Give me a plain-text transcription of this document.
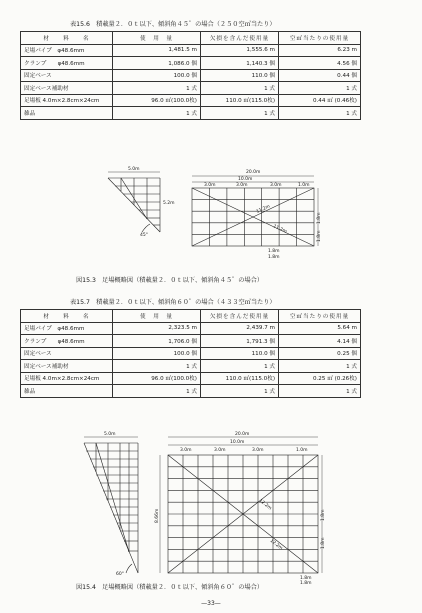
表15.6　積載量２．０ｔ以下、傾斜角４５゜の場合（２５０空㎥当たり）
材　　料　　名	使　用　量	欠損を含んだ使用量	空㎥当たりの使用量
足場パイプ　φ48.6mm	1,481.5 m	1,555.6 m	6.23 m
クランプ　　φ48.6mm	1,086.0 個	1,140.3 個	4.56 個
固定ベース	100.0 個	110.0 個	0.44 個
固定ベース補助材	1 式	1 式	1 式
足場板 4.0m×2.8cm×24cm	96.0 ㎡(100.0枚)	110.0 ㎡(115.0枚)	0.44 ㎡ (0.46枚)
雑品	1 式	1 式	1 式
5.0m
5.2m
45°
20.0m
10.0m
3.0m	3.0m	3.0m	1.0m
11.2m
11.2m
1.8m
1.8m
1.8m
1.8m
図15.3　足場概略図（積載量２．０ｔ以下、傾斜角４５゜の場合）
表15.7　積載量２．０ｔ以下、傾斜角６０゜の場合（４３３空㎥当たり）
材　　料　　名	使　用　量	欠損を含んだ使用量	空㎥当たりの使用量
足場パイプ　φ48.6mm	2,323.5 m	2,439.7 m	5.64 m
クランプ　　φ48.6mm	1,706.0 個	1,791.3 個	4.14 個
固定ベース	100.0 個	110.0 個	0.25 個
固定ベース補助材	1 式	1 式	1 式
足場板 4.0m×2.8cm×24cm	96.0 ㎡(100.0枚)	110.0 ㎡(115.0枚)	0.25 ㎡ (0.26枚)
雑品	1 式	1 式	1 式
5.0m
60°
20.0m
10.0m
3.0m	3.0m	3.0m	1.0m
8.66m
12.2m
12.2m
1.8m
1.8m
1.8m
1.8m
図15.4　足場概略図（積載量２．０ｔ以下、傾斜角６０゜の場合）
—33—
